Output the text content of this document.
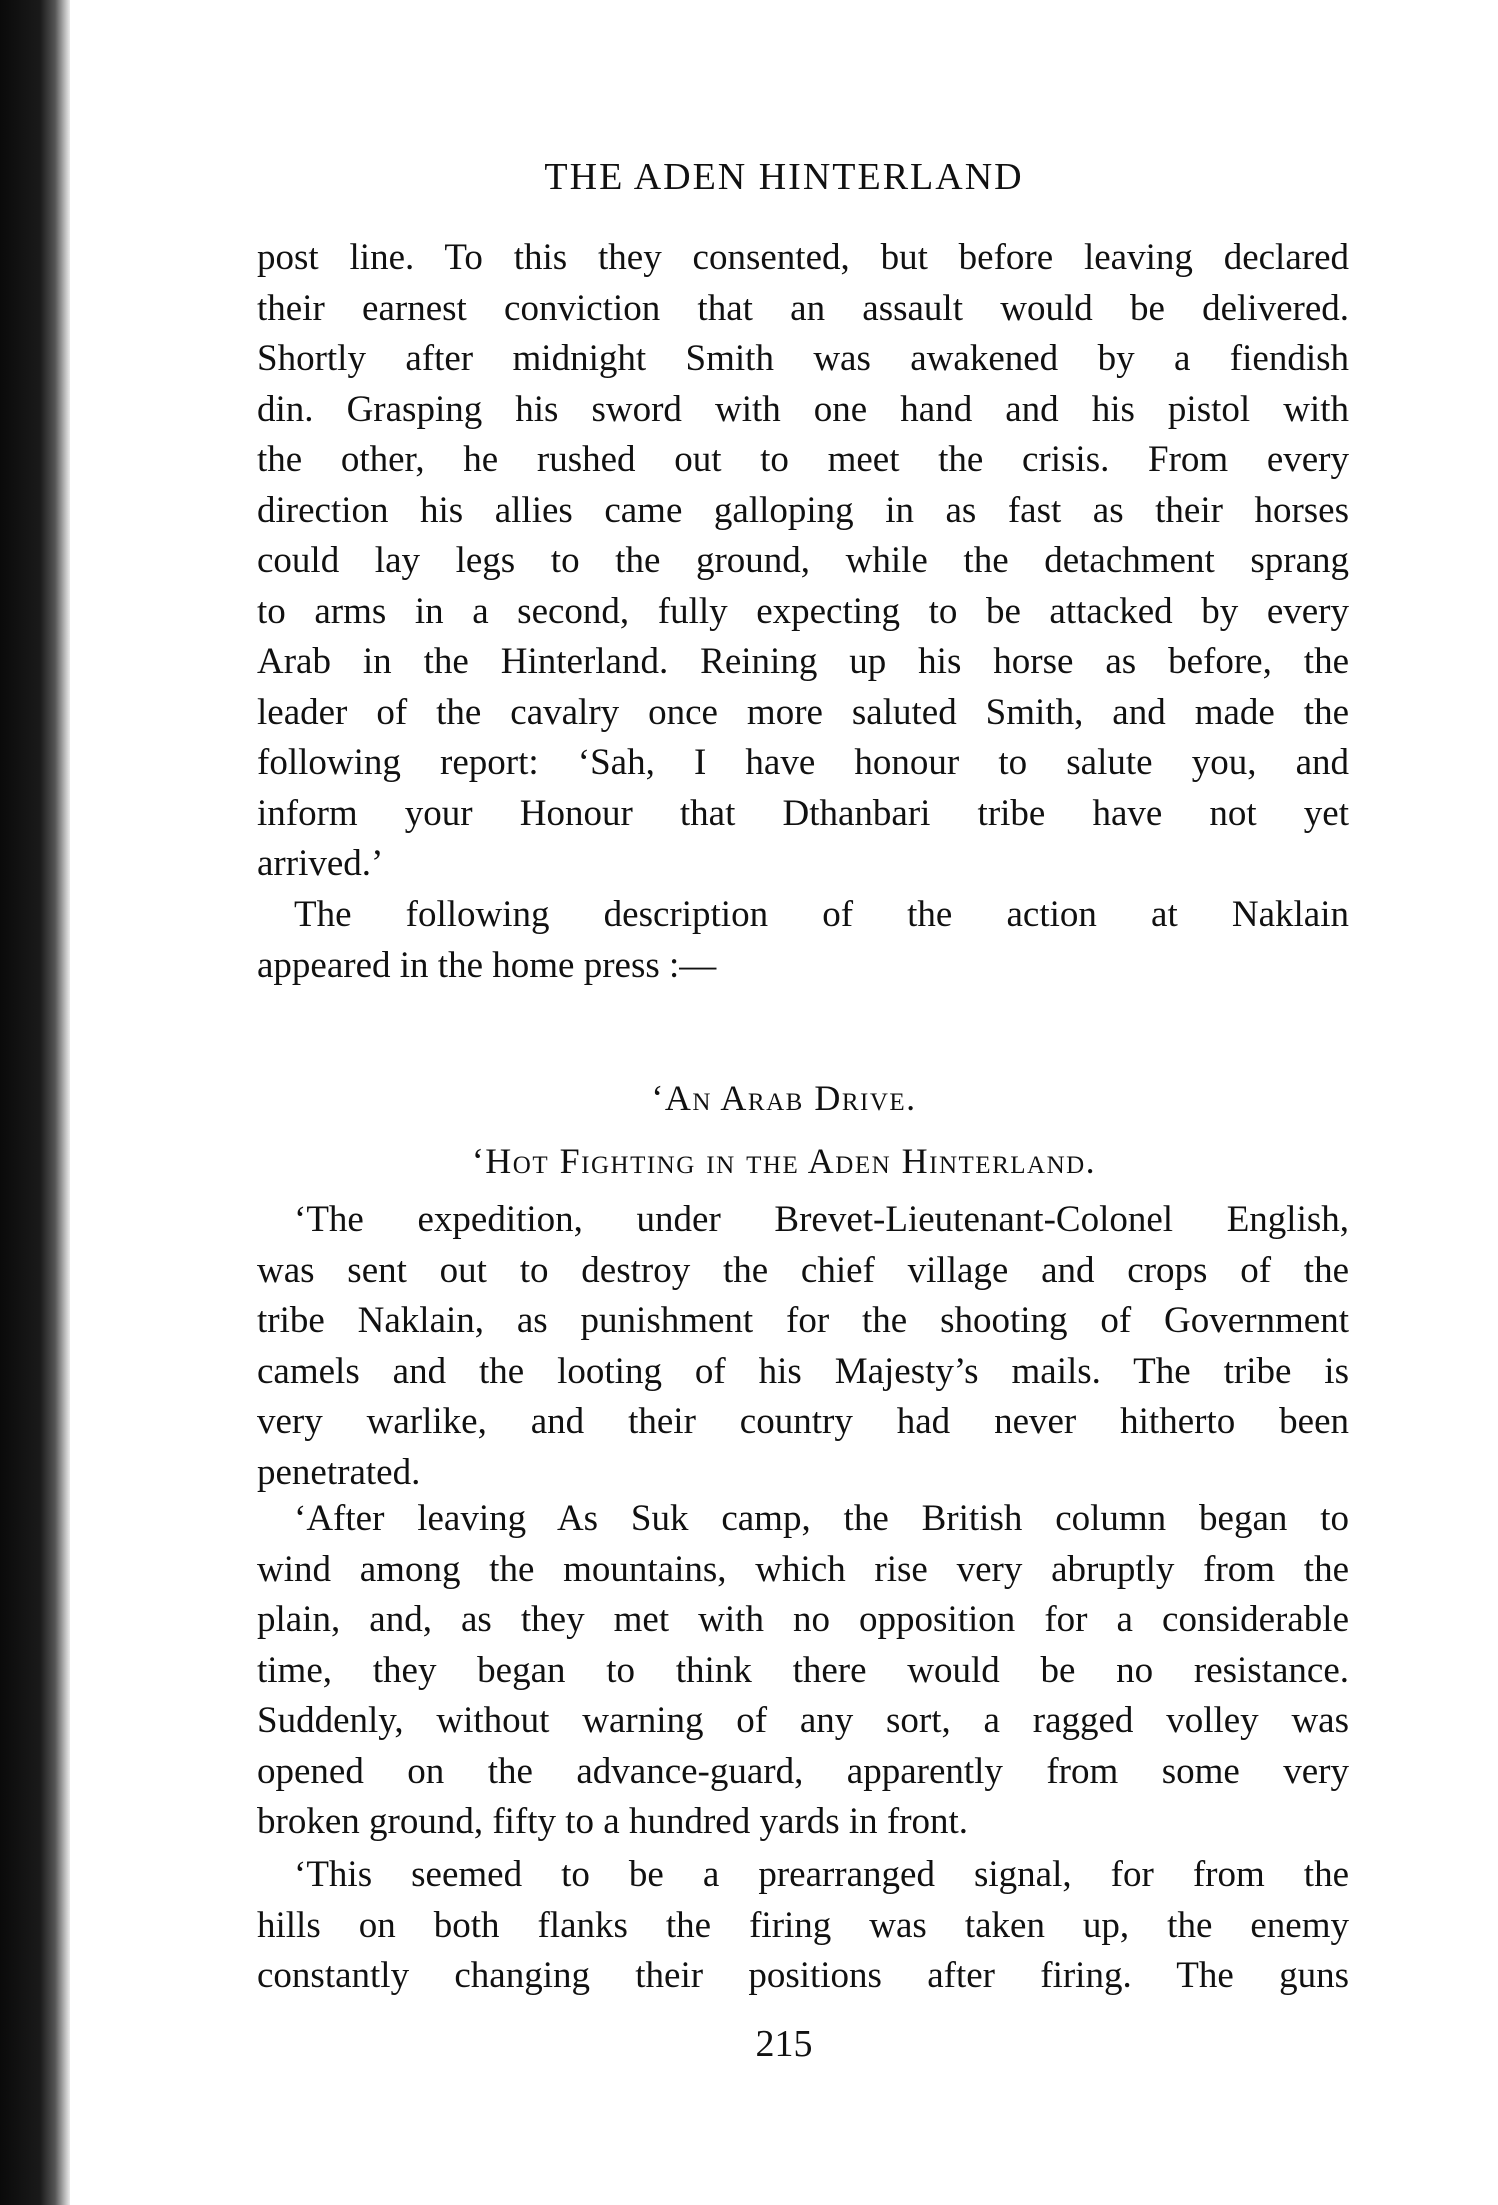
THE ADEN HINTERLAND
post line. To this they consented, but before leaving declared
their earnest conviction that an assault would be delivered.
Shortly after midnight Smith was awakened by a fiendish
din. Grasping his sword with one hand and his pistol with
the other, he rushed out to meet the crisis. From every
direction his allies came galloping in as fast as their horses
could lay legs to the ground, while the detachment sprang
to arms in a second, fully expecting to be attacked by every
Arab in the Hinterland. Reining up his horse as before, the
leader of the cavalry once more saluted Smith, and made the
following report: ‘Sah, I have honour to salute you, and
inform your Honour that Dthanbari tribe have not yet
arrived.’
 The following description of the action at Naklain
appeared in the home press :—
‘An Arab Drive.
‘Hot Fighting in the Aden Hinterland.
 ‘The expedition, under Brevet-Lieutenant-Colonel English,
was sent out to destroy the chief village and crops of the
tribe Naklain, as punishment for the shooting of Government
camels and the looting of his Majesty’s mails. The tribe is
very warlike, and their country had never hitherto been
penetrated.
 ‘After leaving As Suk camp, the British column began to
wind among the mountains, which rise very abruptly from the
plain, and, as they met with no opposition for a considerable
time, they began to think there would be no resistance.
Suddenly, without warning of any sort, a ragged volley was
opened on the advance-guard, apparently from some very
broken ground, fifty to a hundred yards in front.
 ‘This seemed to be a prearranged signal, for from the
hills on both flanks the firing was taken up, the enemy
constantly changing their positions after firing. The guns
215
